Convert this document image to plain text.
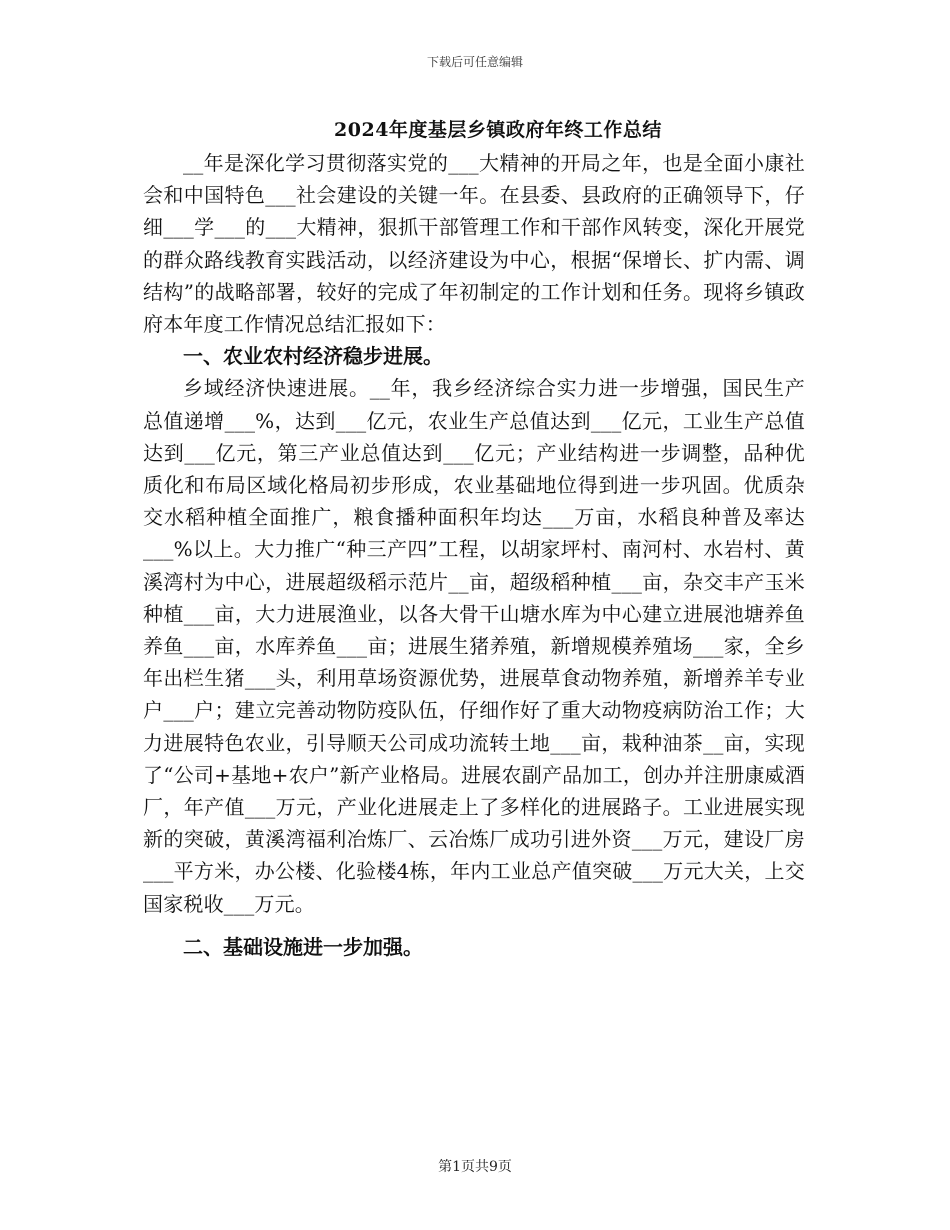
下载后可任意编辑
2024年度基层乡镇政府年终工作总结

__年是深化学习贯彻落实党的___大精神的开局之年，也是全面小康社会和中国特色___社会建设的关键一年。在县委、县政府的正确领导下，仔细___学___的___大精神，狠抓干部管理工作和干部作风转变，深化开展党的群众路线教育实践活动，以经济建设为中心，根据“保增长、扩内需、调结构”的战略部署，较好的完成了年初制定的工作计划和任务。现将乡镇政府本年度工作情况总结汇报如下：

一、农业农村经济稳步进展。

乡域经济快速进展。__年，我乡经济综合实力进一步增强，国民生产总值递增___%，达到___亿元，农业生产总值达到___亿元，工业生产总值达到___亿元，第三产业总值达到___亿元；产业结构进一步调整，品种优质化和布局区域化格局初步形成，农业基础地位得到进一步巩固。优质杂交水稻种植全面推广，粮食播种面积年均达___万亩，水稻良种普及率达___%以上。大力推广“种三产四”工程，以胡家坪村、南河村、水岩村、黄溪湾村为中心，进展超级稻示范片__亩，超级稻种植___亩，杂交丰产玉米种植___亩，大力进展渔业，以各大骨干山塘水库为中心建立进展池塘养鱼养鱼___亩，水库养鱼___亩；进展生猪养殖，新增规模养殖场___家，全乡年出栏生猪___头，利用草场资源优势，进展草食动物养殖，新增养羊专业户___户；建立完善动物防疫队伍，仔细作好了重大动物疫病防治工作；大力进展特色农业，引导顺天公司成功流转土地___亩，栽种油茶__亩，实现了“公司+基地+农户”新产业格局。进展农副产品加工，创办并注册康威酒厂，年产值___万元，产业化进展走上了多样化的进展路子。工业进展实现新的突破，黄溪湾福利冶炼厂、云冶炼厂成功引进外资___万元，建设厂房___平方米，办公楼、化验楼4栋，年内工业总产值突破___万元大关，上交国家税收___万元。

二、基础设施进一步加强。

第1页共9页
